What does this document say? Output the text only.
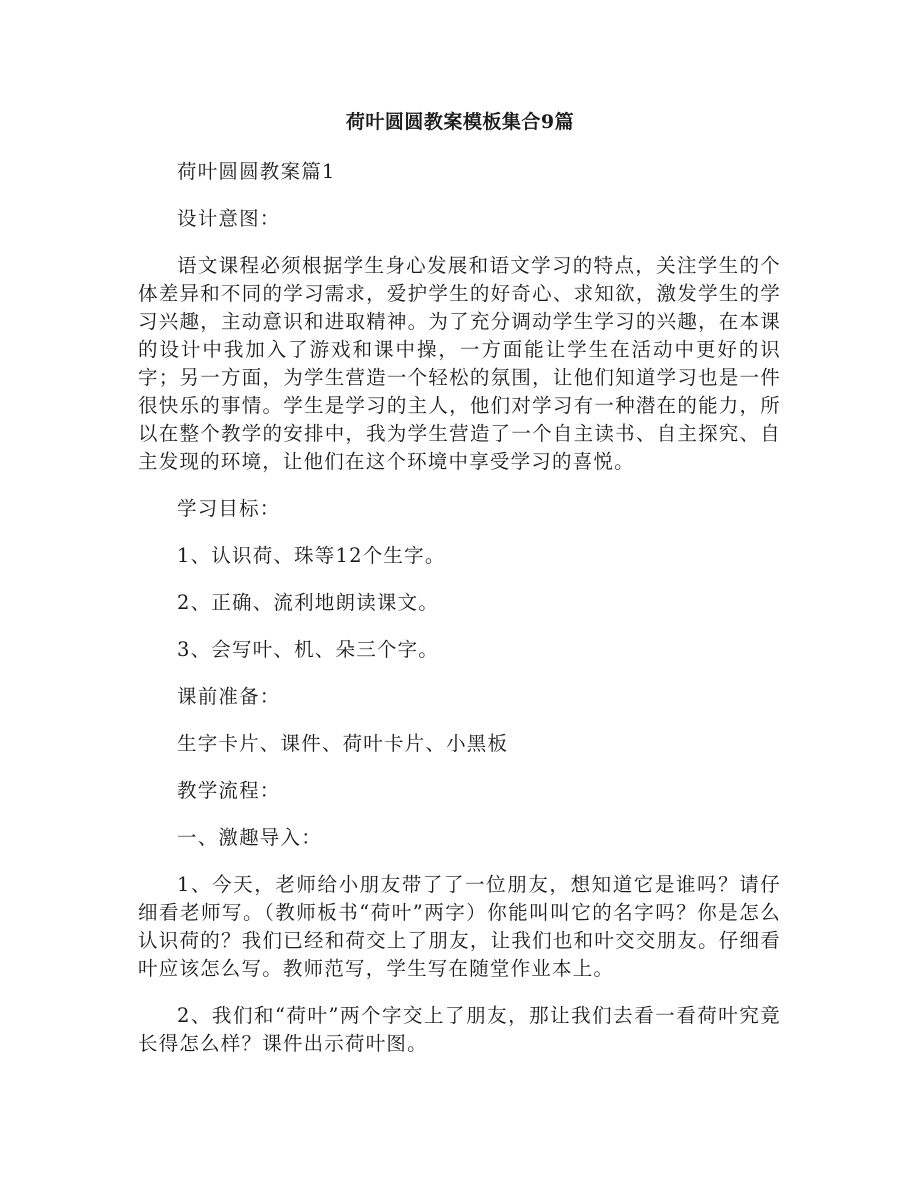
荷叶圆圆教案模板集合9篇

荷叶圆圆教案篇1

设计意图：

语文课程必须根据学生身心发展和语文学习的特点，关注学生的个体差异和不同的学习需求，爱护学生的好奇心、求知欲，激发学生的学习兴趣，主动意识和进取精神。为了充分调动学生学习的兴趣，在本课的设计中我加入了游戏和课中操，一方面能让学生在活动中更好的识字；另一方面，为学生营造一个轻松的氛围，让他们知道学习也是一件很快乐的事情。学生是学习的主人，他们对学习有一种潜在的能力，所以在整个教学的安排中，我为学生营造了一个自主读书、自主探究、自主发现的环境，让他们在这个环境中享受学习的喜悦。

学习目标：

1、认识荷、珠等12个生字。

2、正确、流利地朗读课文。

3、会写叶、机、朵三个字。

课前准备：

生字卡片、课件、荷叶卡片、小黑板

教学流程：

一、激趣导入：

1、今天，老师给小朋友带了了一位朋友，想知道它是谁吗？请仔细看老师写。（教师板书“荷叶”两字）你能叫叫它的名字吗？你是怎么认识荷的？我们已经和荷交上了朋友，让我们也和叶交交朋友。仔细看叶应该怎么写。教师范写，学生写在随堂作业本上。

2、我们和“荷叶”两个字交上了朋友，那让我们去看一看荷叶究竟长得怎么样？课件出示荷叶图。
